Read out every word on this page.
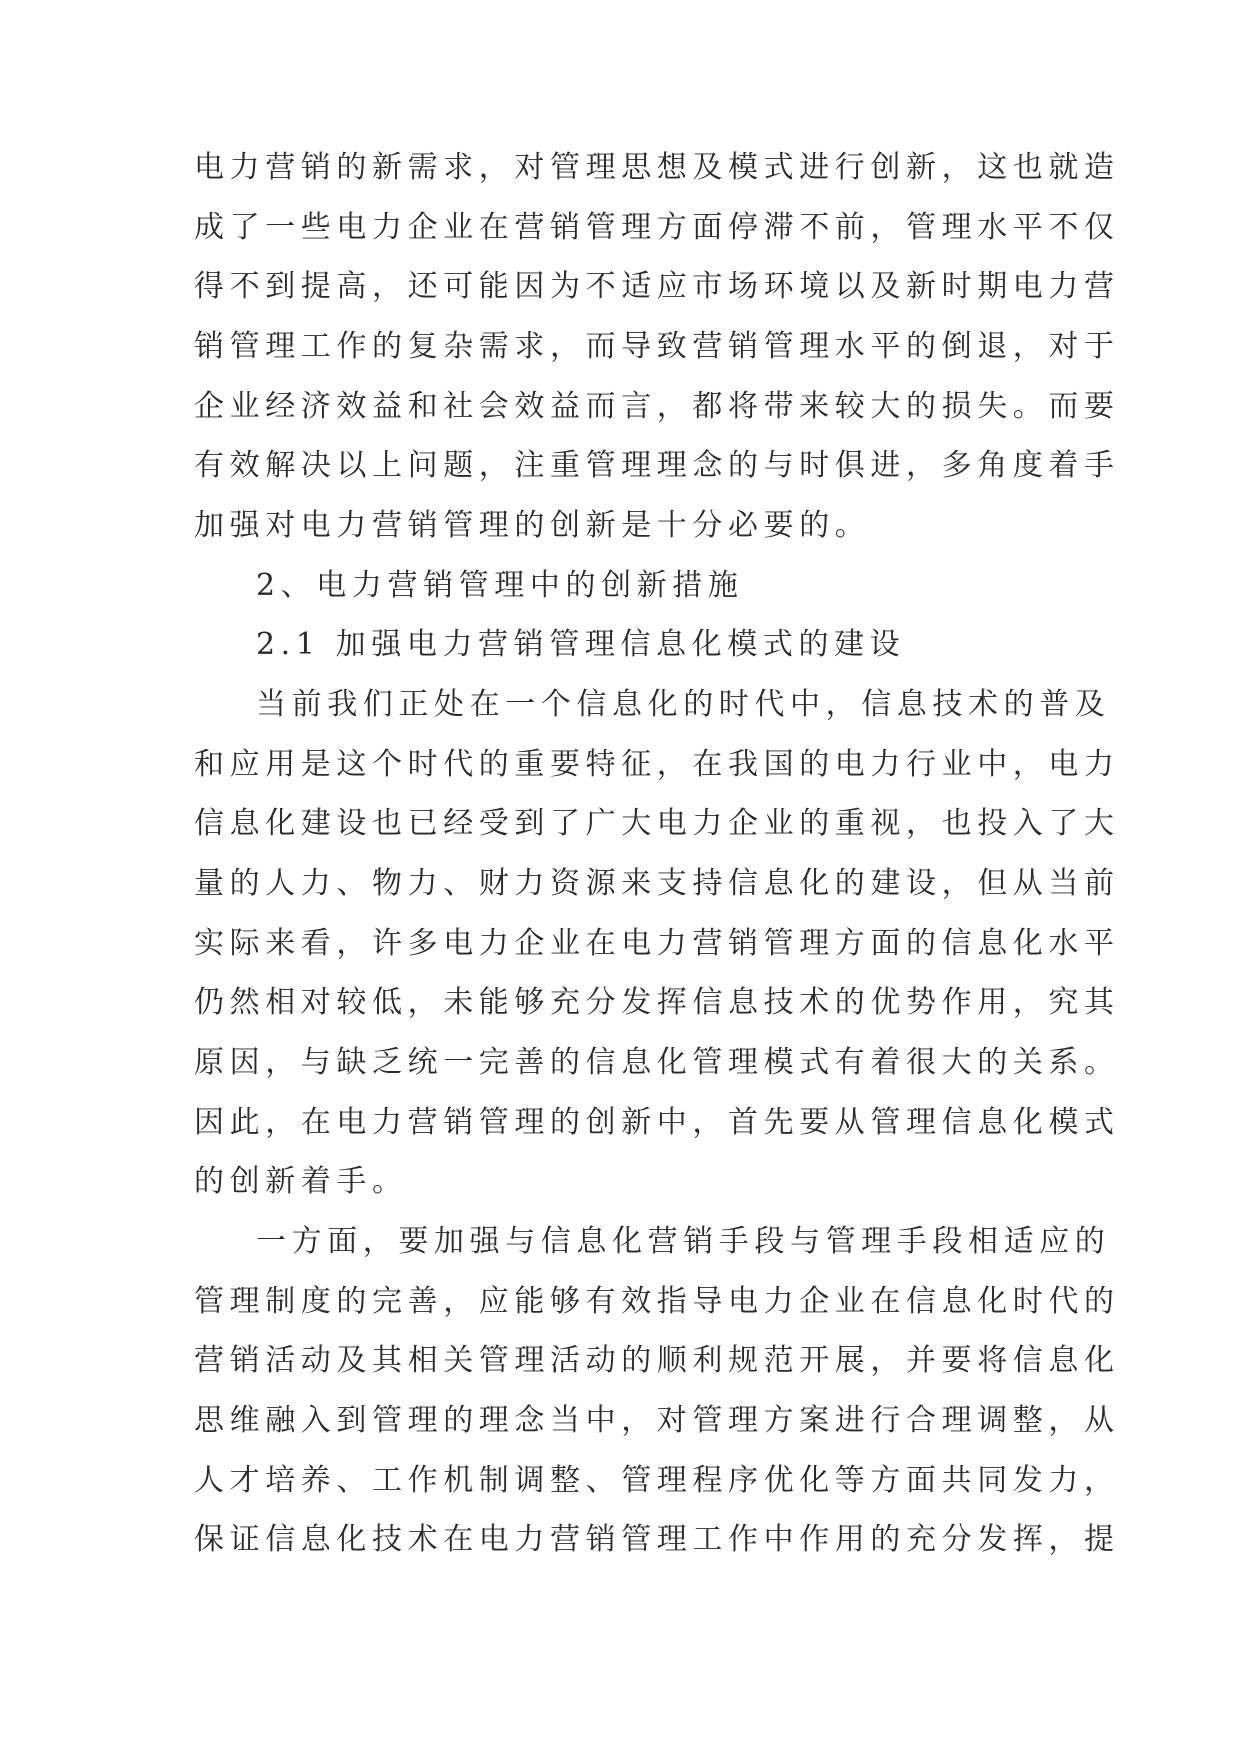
电力营销的新需求，对管理思想及模式进行创新，这也就造
成了一些电力企业在营销管理方面停滞不前，管理水平不仅
得不到提高，还可能因为不适应市场环境以及新时期电力营
销管理工作的复杂需求，而导致营销管理水平的倒退，对于
企业经济效益和社会效益而言，都将带来较大的损失。而要
有效解决以上问题，注重管理理念的与时俱进，多角度着手
加强对电力营销管理的创新是十分必要的。
2、电力营销管理中的创新措施
2.1 加强电力营销管理信息化模式的建设
当前我们正处在一个信息化的时代中，信息技术的普及
和应用是这个时代的重要特征，在我国的电力行业中，电力
信息化建设也已经受到了广大电力企业的重视，也投入了大
量的人力、物力、财力资源来支持信息化的建设，但从当前
实际来看，许多电力企业在电力营销管理方面的信息化水平
仍然相对较低，未能够充分发挥信息技术的优势作用，究其
原因，与缺乏统一完善的信息化管理模式有着很大的关系。
因此，在电力营销管理的创新中，首先要从管理信息化模式
的创新着手。
一方面，要加强与信息化营销手段与管理手段相适应的
管理制度的完善，应能够有效指导电力企业在信息化时代的
营销活动及其相关管理活动的顺利规范开展，并要将信息化
思维融入到管理的理念当中，对管理方案进行合理调整，从
人才培养、工作机制调整、管理程序优化等方面共同发力，
保证信息化技术在电力营销管理工作中作用的充分发挥，提
